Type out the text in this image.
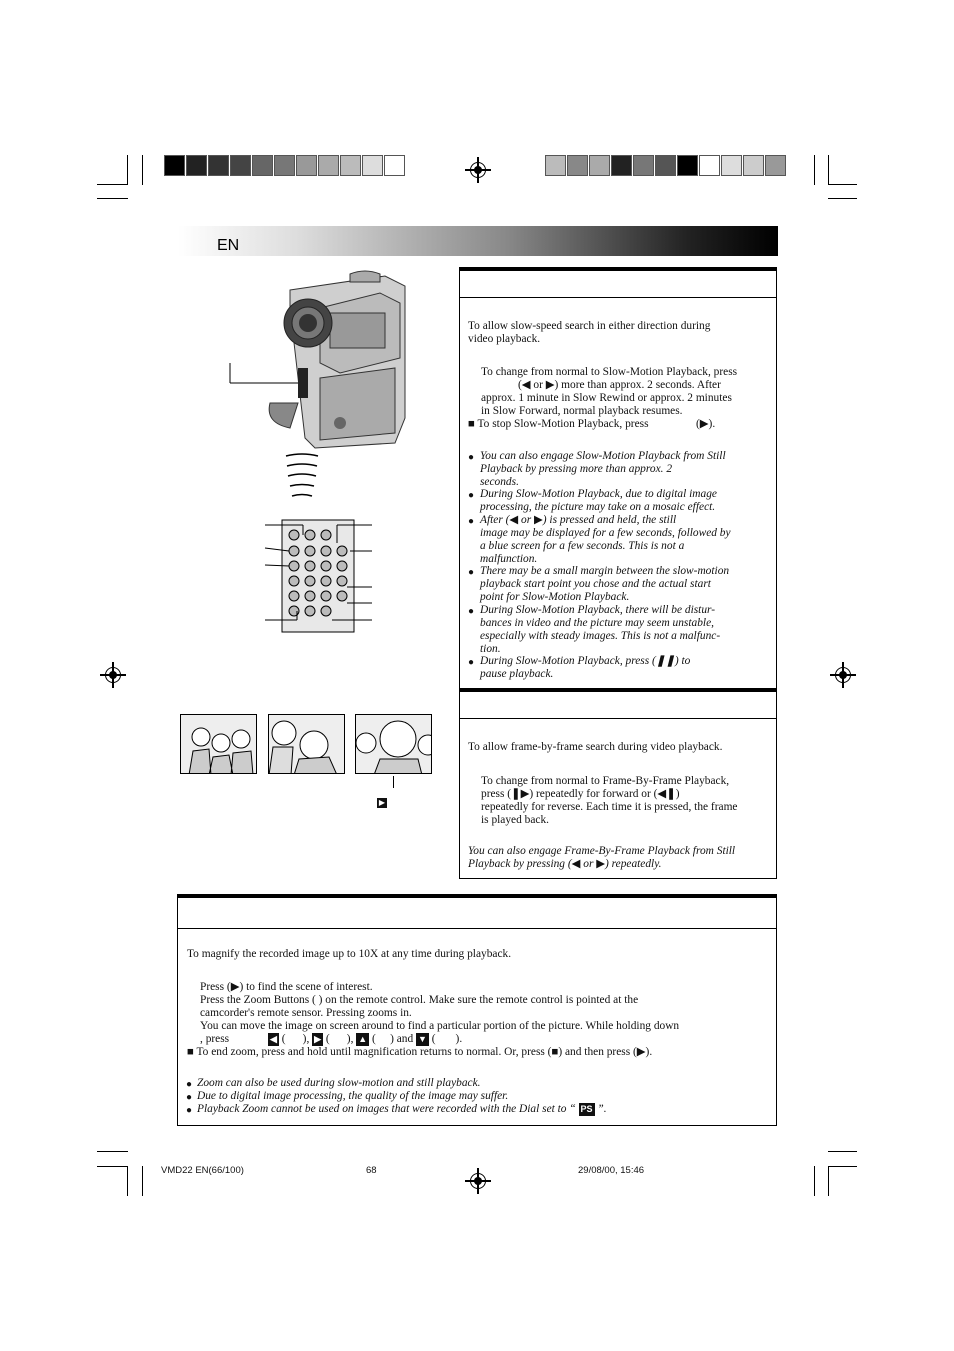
EN
▶
To allow slow-speed search in either direction during
video playback.
To change from normal to Slow-Motion Playback, press
(◀ or ▶) more than approx. 2 seconds. After
approx. 1 minute in Slow Rewind or approx. 2 minutes
in Slow Forward, normal playback resumes.
■ To stop Slow-Motion Playback, press	(▶).
● You can also engage Slow-Motion Playback from Still
Playback by pressing more than approx. 2
seconds.
● During Slow-Motion Playback, due to digital image
processing, the picture may take on a mosaic effect.
● After (◀ or ▶) is pressed and held, the still
image may be displayed for a few seconds, followed by
a blue screen for a few seconds. This is not a
malfunction.
● There may be a small margin between the slow-motion
playback start point you chose and the actual start
point for Slow-Motion Playback.
● During Slow-Motion Playback, there will be distur-
bances in video and the picture may seem unstable,
especially with steady images. This is not a malfunc-
tion.
● During Slow-Motion Playback, press (❚❚) to
pause playback.
To allow frame-by-frame search during video playback.
To change from normal to Frame-By-Frame Playback,
press (❚▶) repeatedly for forward or (◀❚)
repeatedly for reverse. Each time it is pressed, the frame
is played back.
You can also engage Frame-By-Frame Playback from Still
Playback by pressing (◀ or ▶) repeatedly.
To magnify the recorded image up to 10X at any time during playback.
Press (▶) to find the scene of interest.
Press the Zoom Buttons ( ) on the remote control. Make sure the remote control is pointed at the
camcorder's remote sensor. Pressing zooms in.
You can move the image on screen around to find a particular portion of the picture. While holding down
, press	◀ (      ), ▶ (      ), ▲ (     ) and ▼ (       ).
■ To end zoom, press and hold until magnification returns to normal. Or, press (■) and then press (▶).
● Zoom can also be used during slow-motion and still playback.
● Due to digital image processing, the quality of the image may suffer.
● Playback Zoom cannot be used on images that were recorded with the Dial set to “ PS ”.
VMD22 EN(66/100)	68	29/08/00, 15:46
